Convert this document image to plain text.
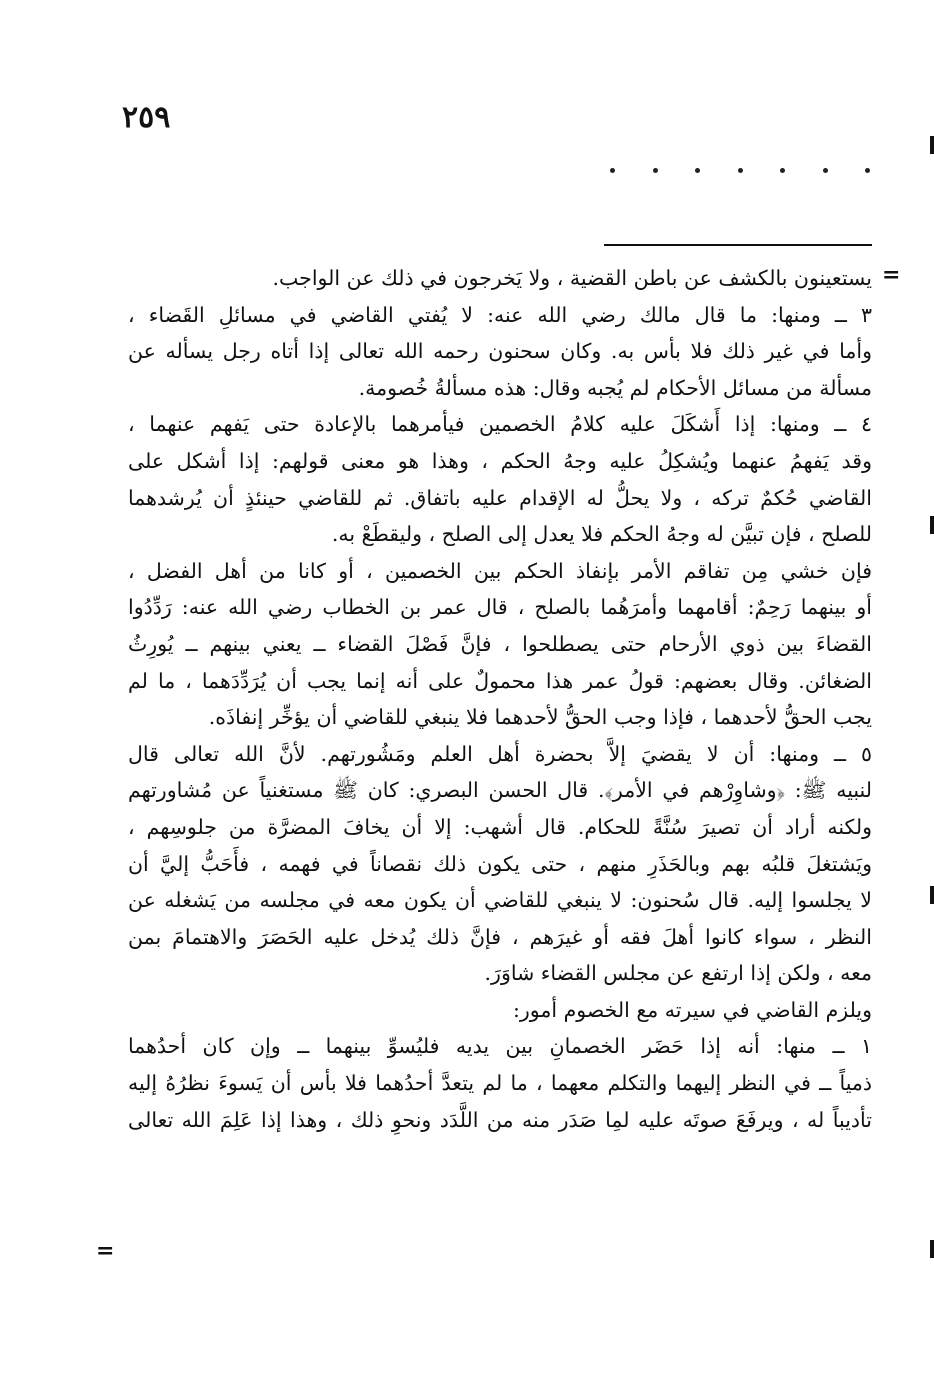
٢٥٩
=
يستعينون بالكشف عن باطن القضية ، ولا يَخرجون في ذلك عن الواجب.
٣ ــ ومنها: ما قال مالك رضي الله عنه: لا يُفتي القاضي في مسائلِ القَضاء ،
وأما في غير ذلك فلا بأس به. وكان سحنون رحمه الله تعالى إذا أتاه رجل يسأله عن
مسألة من مسائل الأحكام لم يُجبه وقال: هذه مسألةُ خُصومة.
٤ ــ ومنها: إذا أَشكَلَ عليه كلامُ الخصمين فيأمرهما بالإعادة حتى يَفهم عنهما ،
وقد يَفهمُ عنهما ويُشكِلُ عليه وجهُ الحكم ، وهذا هو معنى قولهم: إذا أشكل على
القاضي حُكمٌ تركه ، ولا يحلُّ له الإقدام عليه باتفاق. ثم للقاضي حينئذٍ أن يُرشدهما
للصلح ، فإن تبيَّن له وجهُ الحكم فلا يعدل إلى الصلح ، وليقطَعْ به.
فإن خشي مِن تفاقم الأمر بإنفاذ الحكم بين الخصمين ، أو كانا من أهل الفضل ،
أو بينهما رَحِمٌ: أقامهما وأمرَهُما بالصلح ، قال عمر بن الخطاب رضي الله عنه: رَدِّدُوا
القضاءَ بين ذوي الأرحام حتى يصطلحوا ، فإنَّ فَصْلَ القضاء ــ يعني بينهم ــ يُورِثُ
الضغائن. وقال بعضهم: قولُ عمر هذا محمولٌ على أنه إنما يجب أن يُرَدِّدَهما ، ما لم
يجب الحقُّ لأحدهما ، فإذا وجب الحقُّ لأحدهما فلا ينبغي للقاضي أن يؤخِّر إنفاذَه.
٥ ــ ومنها: أن لا يقضيَ إلاَّ بحضرة أهل العلم ومَشُورتهم. لأنَّ الله تعالى قال
لنبيه ﷺ: ﴿وشاوِرْهم في الأمر﴾. قال الحسن البصري: كان ﷺ مستغنياً عن مُشاورتهم
ولكنه أراد أن تصيرَ سُنَّةً للحكام. قال أشهب: إلا أن يخافَ المضرَّة من جلوسِهم ،
ويَشتغلَ قلبُه بهم وبالحَذَرِ منهم ، حتى يكون ذلك نقصاناً في فهمه ، فأَحَبُّ إليَّ أن
لا يجلسوا إليه. قال سُحنون: لا ينبغي للقاضي أن يكون معه في مجلسه من يَشغله عن
النظر ، سواء كانوا أهلَ فقه أو غيرَهم ، فإنَّ ذلك يُدخل عليه الحَصَرَ والاهتمامَ بمن
معه ، ولكن إذا ارتفع عن مجلس القضاء شاوَرَ.
ويلزم القاضي في سيرته مع الخصوم أمور:
١ ــ منها: أنه إذا حَضَر الخصمانِ بين يديه فليُسوِّ بينهما ــ وإن كان أحدُهما
ذمياً ــ في النظر إليهما والتكلم معهما ، ما لم يتعدَّ أحدُهما فلا بأس أن يَسوءَ نظرُهُ إليه
تأديباً له ، ويرفَعَ صوتَه عليه لمِا صَدَر منه من اللَّدَد ونحوِ ذلك ، وهذا إذا عَلِمَ الله تعالى
=
